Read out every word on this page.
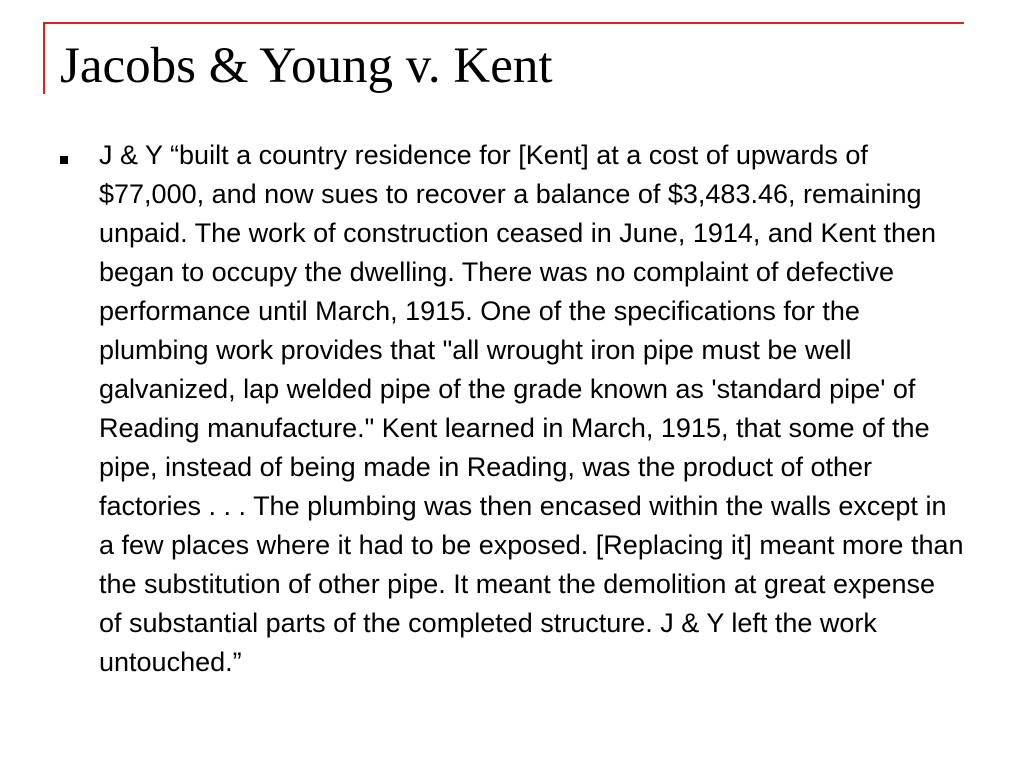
Jacobs & Young v. Kent

J & Y “built a country residence for [Kent] at a cost of upwards of $77,000, and now sues to recover a balance of $3,483.46, remaining unpaid. The work of construction ceased in June, 1914, and Kent then began to occupy the dwelling. There was no complaint of defective performance until March, 1915. One of the specifications for the plumbing work provides that "all wrought iron pipe must be well galvanized, lap welded pipe of the grade known as 'standard pipe' of Reading manufacture." Kent learned in March, 1915, that some of the pipe, instead of being made in Reading, was the product of other factories . . . The plumbing was then encased within the walls except in a few places where it had to be exposed. [Replacing it] meant more than the substitution of other pipe. It meant the demolition at great expense of substantial parts of the completed structure. J & Y left the work untouched.”
